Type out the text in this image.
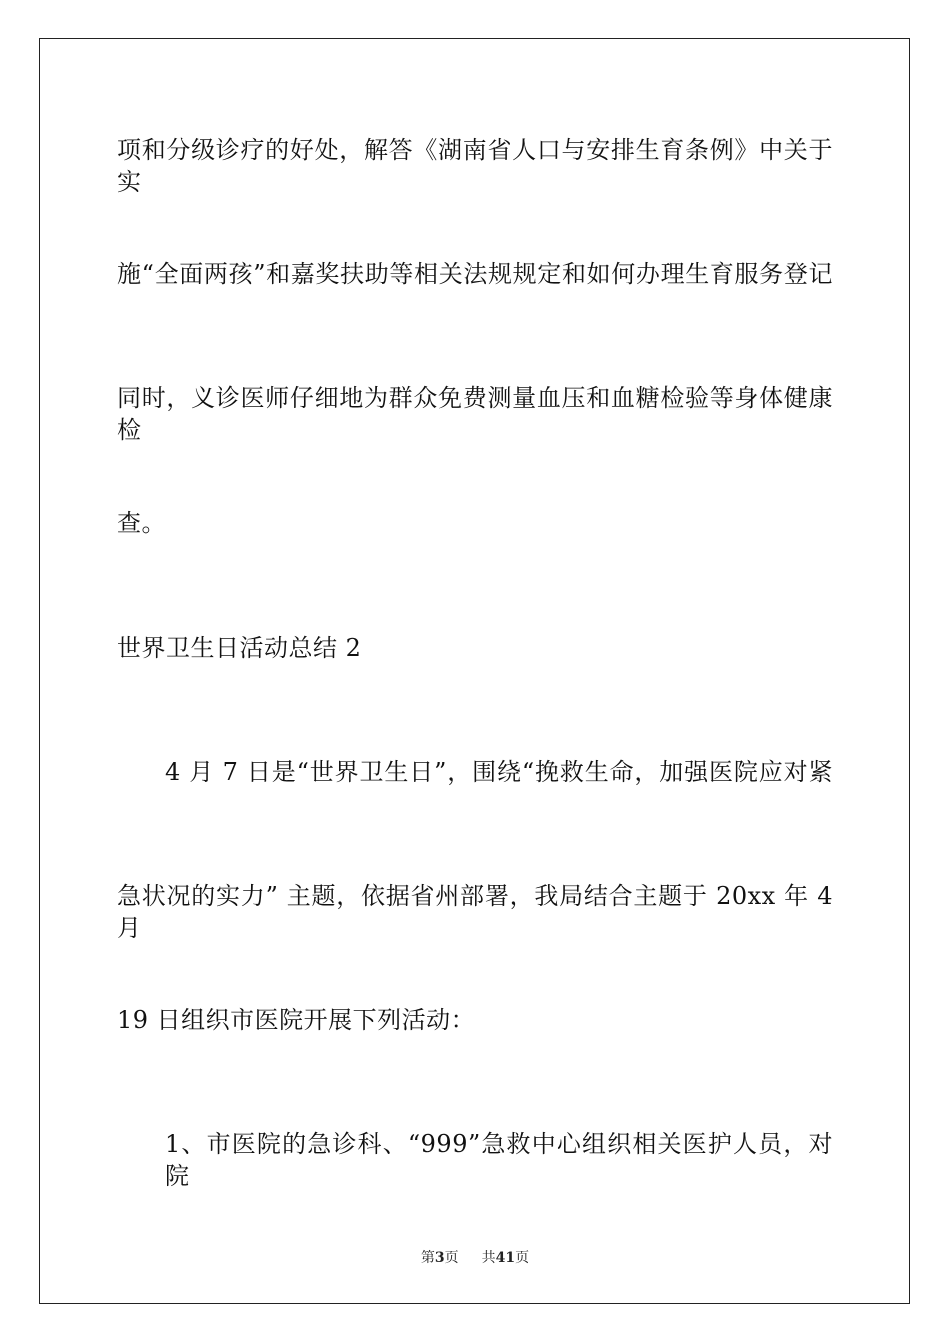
项和分级诊疗的好处，解答《湖南省人口与安排生育条例》中关于实
施“全面两孩”和嘉奖扶助等相关法规规定和如何办理生育服务登记
同时，义诊医师仔细地为群众免费测量血压和血糖检验等身体健康检
查。
世界卫生日活动总结 2
4 月 7 日是“世界卫生日”，围绕“挽救生命，加强医院应对紧
急状况的实力” 主题，依据省州部署，我局结合主题于 20xx 年 4 月
19 日组织市医院开展下列活动：
1、市医院的急诊科、“999”急救中心组织相关医护人员，对院
第3页 共41页
